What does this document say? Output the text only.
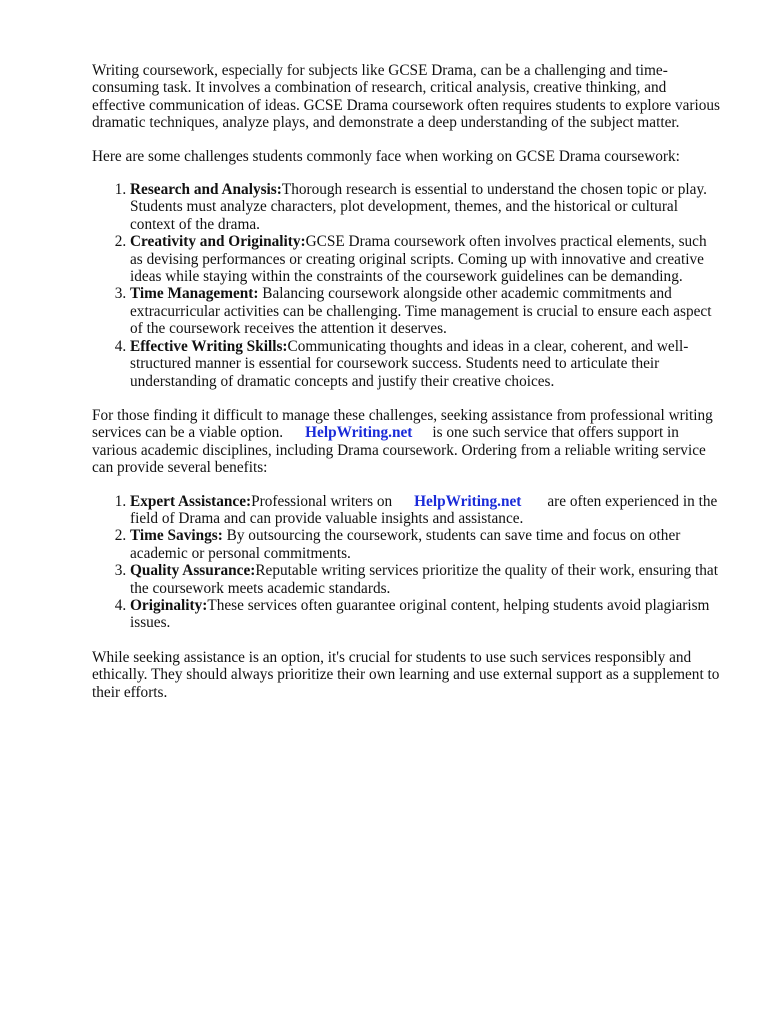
Writing coursework, especially for subjects like GCSE Drama, can be a challenging and time-consuming task. It involves a combination of research, critical analysis, creative thinking, and effective communication of ideas. GCSE Drama coursework often requires students to explore various dramatic techniques, analyze plays, and demonstrate a deep understanding of the subject matter.

Here are some challenges students commonly face when working on GCSE Drama coursework:

1. Research and Analysis:Thorough research is essential to understand the chosen topic or play. Students must analyze characters, plot development, themes, and the historical or cultural context of the drama.
2. Creativity and Originality:GCSE Drama coursework often involves practical elements, such as devising performances or creating original scripts. Coming up with innovative and creative ideas while staying within the constraints of the coursework guidelines can be demanding.
3. Time Management: Balancing coursework alongside other academic commitments and extracurricular activities can be challenging. Time management is crucial to ensure each aspect of the coursework receives the attention it deserves.
4. Effective Writing Skills:Communicating thoughts and ideas in a clear, coherent, and well-structured manner is essential for coursework success. Students need to articulate their understanding of dramatic concepts and justify their creative choices.

For those finding it difficult to manage these challenges, seeking assistance from professional writing services can be a viable option. HelpWriting.net is one such service that offers support in various academic disciplines, including Drama coursework. Ordering from a reliable writing service can provide several benefits:

1. Expert Assistance:Professional writers on HelpWriting.net are often experienced in the field of Drama and can provide valuable insights and assistance.
2. Time Savings: By outsourcing the coursework, students can save time and focus on other academic or personal commitments.
3. Quality Assurance:Reputable writing services prioritize the quality of their work, ensuring that the coursework meets academic standards.
4. Originality:These services often guarantee original content, helping students avoid plagiarism issues.

While seeking assistance is an option, it's crucial for students to use such services responsibly and ethically. They should always prioritize their own learning and use external support as a supplement to their efforts.
